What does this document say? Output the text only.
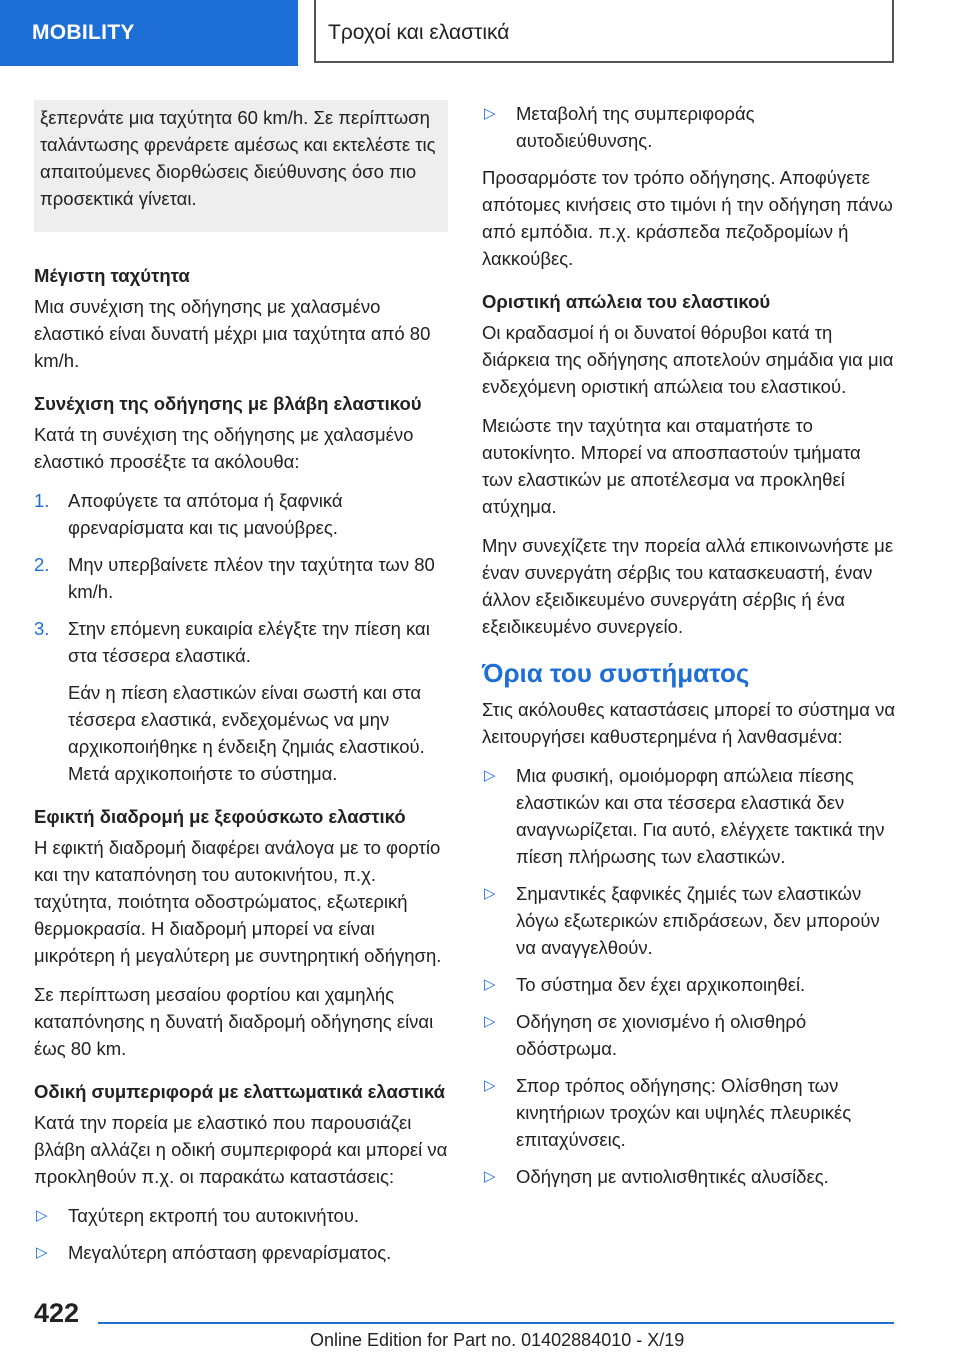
MOBILITY	Τροχοί και ελαστικά

ξεπερνάτε μια ταχύτητα 60 km/h. Σε περίπτωση ταλάντωσης φρενάρετε αμέσως και εκτελέστε τις απαιτούμενες διορθώσεις διεύθυνσης όσο πιο προσεκτικά γίνεται.

Μέγιστη ταχύτητα

Μια συνέχιση της οδήγησης με χαλασμένο ελαστικό είναι δυνατή μέχρι μια ταχύτητα από 80 km/h.

Συνέχιση της οδήγησης με βλάβη ελαστικού

Κατά τη συνέχιση της οδήγησης με χαλασμένο ελαστικό προσέξτε τα ακόλουθα:

1. Αποφύγετε τα απότομα ή ξαφνικά φρεναρίσματα και τις μανούβρες.
2. Μην υπερβαίνετε πλέον την ταχύτητα των 80 km/h.
3. Στην επόμενη ευκαιρία ελέγξτε την πίεση και στα τέσσερα ελαστικά.

Εάν η πίεση ελαστικών είναι σωστή και στα τέσσερα ελαστικά, ενδεχομένως να μην αρχικοποιήθηκε η ένδειξη ζημιάς ελαστικού. Μετά αρχικοποιήστε το σύστημα.

Εφικτή διαδρομή με ξεφούσκωτο ελαστικό

Η εφικτή διαδρομή διαφέρει ανάλογα με το φορτίο και την καταπόνηση του αυτοκινήτου, π.χ. ταχύτητα, ποιότητα οδοστρώματος, εξωτερική θερμοκρασία. Η διαδρομή μπορεί να είναι μικρότερη ή μεγαλύτερη με συντηρητική οδήγηση.

Σε περίπτωση μεσαίου φορτίου και χαμηλής καταπόνησης η δυνατή διαδρομή οδήγησης είναι έως 80 km.

Οδική συμπεριφορά με ελαττωματικά ελαστικά

Κατά την πορεία με ελαστικό που παρουσιάζει βλάβη αλλάζει η οδική συμπεριφορά και μπορεί να προκληθούν π.χ. οι παρακάτω καταστάσεις:

▷ Ταχύτερη εκτροπή του αυτοκινήτου.
▷ Μεγαλύτερη απόσταση φρεναρίσματος.
▷ Μεταβολή της συμπεριφοράς αυτοδιεύθυνσης.

Προσαρμόστε τον τρόπο οδήγησης. Αποφύγετε απότομες κινήσεις στο τιμόνι ή την οδήγηση πάνω από εμπόδια. π.χ. κράσπεδα πεζοδρομίων ή λακκούβες.

Οριστική απώλεια του ελαστικού

Οι κραδασμοί ή οι δυνατοί θόρυβοι κατά τη διάρκεια της οδήγησης αποτελούν σημάδια για μια ενδεχόμενη οριστική απώλεια του ελαστικού.

Μειώστε την ταχύτητα και σταματήστε το αυτοκίνητο. Μπορεί να αποσπαστούν τμήματα των ελαστικών με αποτέλεσμα να προκληθεί ατύχημα.

Μην συνεχίζετε την πορεία αλλά επικοινωνήστε με έναν συνεργάτη σέρβις του κατασκευαστή, έναν άλλον εξειδικευμένο συνεργάτη σέρβις ή ένα εξειδικευμένο συνεργείο.

Όρια του συστήματος

Στις ακόλουθες καταστάσεις μπορεί το σύστημα να λειτουργήσει καθυστερημένα ή λανθασμένα:

▷ Μια φυσική, ομοιόμορφη απώλεια πίεσης ελαστικών και στα τέσσερα ελαστικά δεν αναγνωρίζεται. Για αυτό, ελέγχετε τακτικά την πίεση πλήρωσης των ελαστικών.
▷ Σημαντικές ξαφνικές ζημιές των ελαστικών λόγω εξωτερικών επιδράσεων, δεν μπορούν να αναγγελθούν.
▷ Το σύστημα δεν έχει αρχικοποιηθεί.
▷ Οδήγηση σε χιονισμένο ή ολισθηρό οδόστρωμα.
▷ Σπορ τρόπος οδήγησης: Ολίσθηση των κινητήριων τροχών και υψηλές πλευρικές επιταχύνσεις.
▷ Οδήγηση με αντιολισθητικές αλυσίδες.
422
Online Edition for Part no. 01402884010 - X/19
